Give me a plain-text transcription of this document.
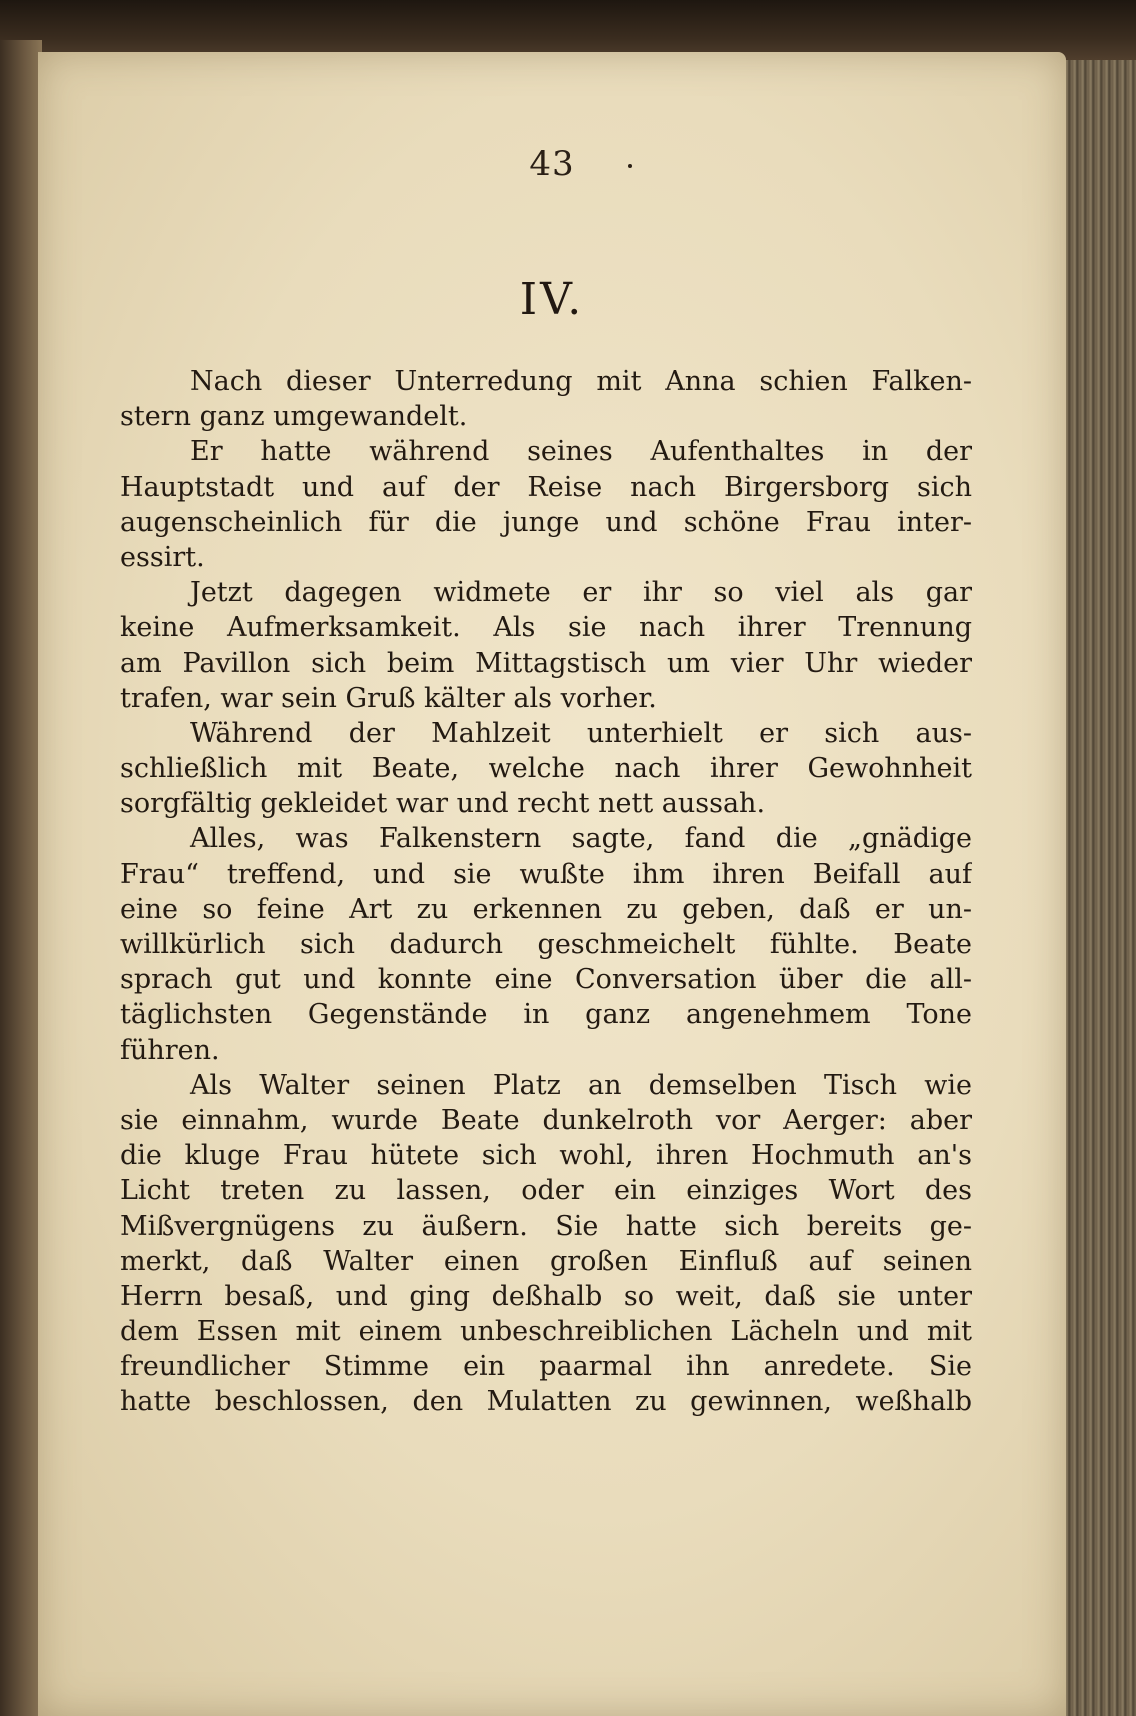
43
IV.
Nach dieser Unterredung mit Anna schien Falken-
stern ganz umgewandelt.
Er hatte während seines Aufenthaltes in der
Hauptstadt und auf der Reise nach Birgersborg sich
augenscheinlich für die junge und schöne Frau inter-
essirt.
Jetzt dagegen widmete er ihr so viel als gar
keine Aufmerksamkeit. Als sie nach ihrer Trennung
am Pavillon sich beim Mittagstisch um vier Uhr wieder
trafen, war sein Gruß kälter als vorher.
Während der Mahlzeit unterhielt er sich aus-
schließlich mit Beate, welche nach ihrer Gewohnheit
sorgfältig gekleidet war und recht nett aussah.
Alles, was Falkenstern sagte, fand die „gnädige
Frau“ treffend, und sie wußte ihm ihren Beifall auf
eine so feine Art zu erkennen zu geben, daß er un-
willkürlich sich dadurch geschmeichelt fühlte. Beate
sprach gut und konnte eine Conversation über die all-
täglichsten Gegenstände in ganz angenehmem Tone
führen.
Als Walter seinen Platz an demselben Tisch wie
sie einnahm, wurde Beate dunkelroth vor Aerger: aber
die kluge Frau hütete sich wohl, ihren Hochmuth an's
Licht treten zu lassen, oder ein einziges Wort des
Mißvergnügens zu äußern. Sie hatte sich bereits ge-
merkt, daß Walter einen großen Einfluß auf seinen
Herrn besaß, und ging deßhalb so weit, daß sie unter
dem Essen mit einem unbeschreiblichen Lächeln und mit
freundlicher Stimme ein paarmal ihn anredete. Sie
hatte beschlossen, den Mulatten zu gewinnen, weßhalb
